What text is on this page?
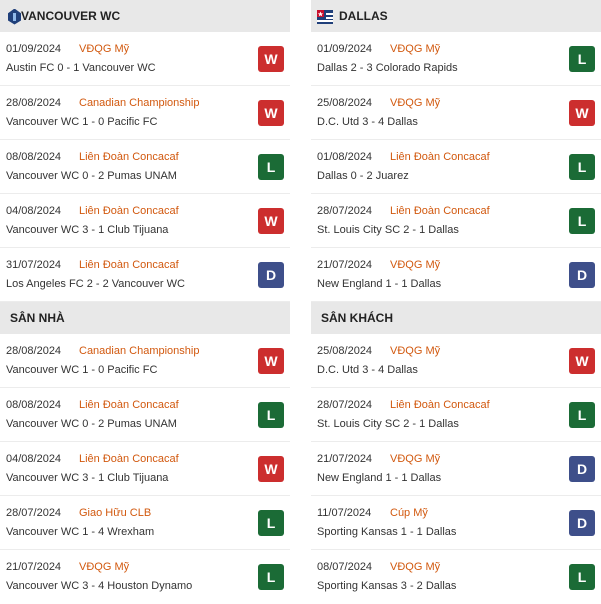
VANCOUVER WC
01/09/2024 VĐQG Mỹ
Austin FC 0 - 1 Vancouver WC
W
28/08/2024 Canadian Championship
Vancouver WC 1 - 0 Pacific FC
W
08/08/2024 Liên Đoàn Concacaf
Vancouver WC 0 - 2 Pumas UNAM
L
04/08/2024 Liên Đoàn Concacaf
Vancouver WC 3 - 1 Club Tijuana
W
31/07/2024 Liên Đoàn Concacaf
Los Angeles FC 2 - 2 Vancouver WC
D
SÂN NHÀ
28/08/2024 Canadian Championship
Vancouver WC 1 - 0 Pacific FC
W
08/08/2024 Liên Đoàn Concacaf
Vancouver WC 0 - 2 Pumas UNAM
L
04/08/2024 Liên Đoàn Concacaf
Vancouver WC 3 - 1 Club Tijuana
W
28/07/2024 Giao Hữu CLB
Vancouver WC 1 - 4 Wrexham
L
21/07/2024 VĐQG Mỹ
Vancouver WC 3 - 4 Houston Dynamo
L
DALLAS
01/09/2024 VĐQG Mỹ
Dallas 2 - 3 Colorado Rapids
L
25/08/2024 VĐQG Mỹ
D.C. Utd 3 - 4 Dallas
W
01/08/2024 Liên Đoàn Concacaf
Dallas 0 - 2 Juarez
L
28/07/2024 Liên Đoàn Concacaf
St. Louis City SC 2 - 1 Dallas
L
21/07/2024 VĐQG Mỹ
New England 1 - 1 Dallas
D
SÂN KHÁCH
25/08/2024 VĐQG Mỹ
D.C. Utd 3 - 4 Dallas
W
28/07/2024 Liên Đoàn Concacaf
St. Louis City SC 2 - 1 Dallas
L
21/07/2024 VĐQG Mỹ
New England 1 - 1 Dallas
D
11/07/2024 Cúp Mỹ
Sporting Kansas 1 - 1 Dallas
D
08/07/2024 VĐQG Mỹ
Sporting Kansas 3 - 2 Dallas
L
